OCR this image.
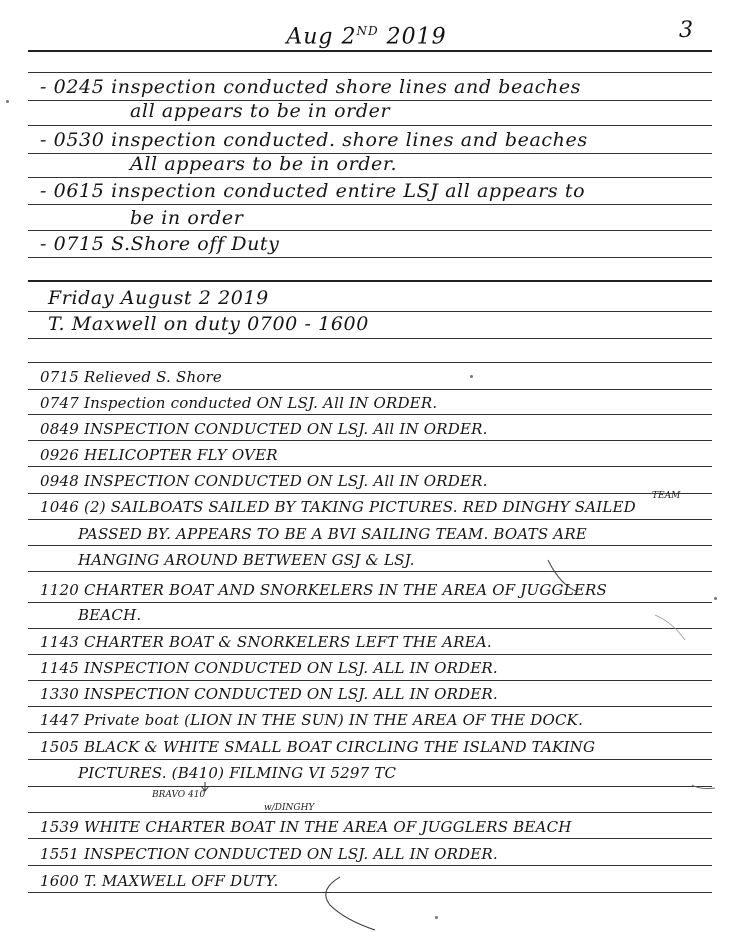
Aug 2ND 2019	3
- 0245 inspection conducted shore lines and beaches
all appears to be in order
- 0530 inspection conducted. shore lines and beaches
All appears to be in order.
- 0615 inspection conducted entire LSJ all appears to
be in order
- 0715 S.Shore off Duty
Friday August 2 2019
T. Maxwell on duty 0700 - 1600
0715 Relieved S. Shore
0747 Inspection conducted ON LSJ. All IN ORDER.
0849 INSPECTION CONDUCTED ON LSJ. All IN ORDER.
0926 HELICOPTER FLY OVER
0948 INSPECTION CONDUCTED ON LSJ. All IN ORDER.
1046 (2) SAILBOATS SAILED BY TAKING PICTURES. RED DINGHY SAILED
TEAM
PASSED BY. APPEARS TO BE A BVI SAILING TEAM. BOATS ARE
HANGING AROUND BETWEEN GSJ & LSJ.
1120 CHARTER BOAT AND SNORKELERS IN THE AREA OF JUGGLERS
BEACH.
1143 CHARTER BOAT & SNORKELERS LEFT THE AREA.
1145 INSPECTION CONDUCTED ON LSJ. ALL IN ORDER.
1330 INSPECTION CONDUCTED ON LSJ. ALL IN ORDER.
1447 Private boat (LION IN THE SUN) IN THE AREA OF THE DOCK.
1505 BLACK & WHITE SMALL BOAT CIRCLING THE ISLAND TAKING
PICTURES. (B410) FILMING VI 5297 TC
BRAVO 410
w/DINGHY
1539 WHITE CHARTER BOAT IN THE AREA OF JUGGLERS BEACH
1551 INSPECTION CONDUCTED ON LSJ. ALL IN ORDER.
1600 T. MAXWELL OFF DUTY.
